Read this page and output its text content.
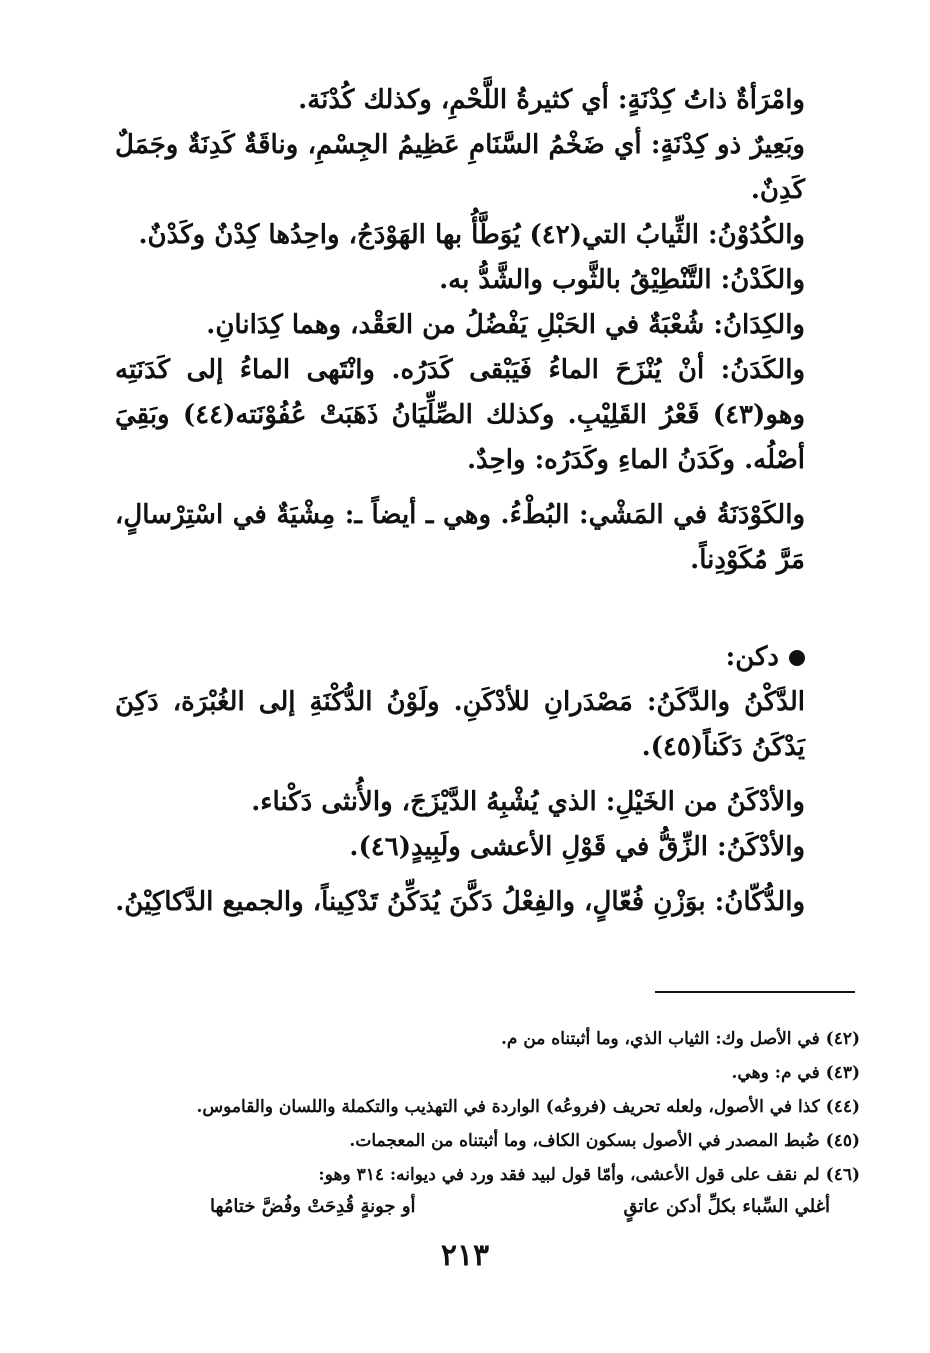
وامْرَأةٌ ذاتُ كِدْنَةٍ: أي كثيرةُ اللَّحْمِ، وكذلك كُدْنَة.

وبَعِيرٌ ذو كِدْنَةٍ: أي ضَخْمُ السَّنَامِ عَظِيمُ الجِسْمِ، وناقَةٌ كَدِنَةٌ وجَمَلٌ كَدِنٌ.

والكُدُوْنُ: الثِّيابُ التي(٤٢) يُوَطَّأُ بها الهَوْدَجُ، واحِدُها كِدْنٌ وكَدْنٌ.

والكَدْنُ: التَّنْطِيْقُ بالثَّوب والشَّدُّ به.

والكِدَانُ: شُعْبَةٌ في الحَبْلِ يَفْضُلُ من العَقْد، وهما كِدَانانِ.

والكَدَنُ: أنْ يُنْزَحَ الماءُ فَيَبْقى كَدَرُه. وانْتَهى الماءُ إلى كَدَنَتِه وهو(٤٣) قَعْرُ القَلِيْبِ. وكذلك الصِّلِّيَانُ ذَهَبَتْ عُفُوْنَته(٤٤) وبَقِيَ أصْلُه. وكَدَنُ الماءِ وكَدَرُه: واحِدٌ.

والكَوْدَنَةُ في المَشْي: البُطْءُ. وهي ـ أيضاً ـ: مِشْيَةٌ في اسْتِرْسالٍ، مَرَّ مُكَوْدِناً.

دكن:

الدَّكْنُ والدَّكَنُ: مَصْدَرانِ للأدْكَنِ. ولَوْنُ الدُّكْنَةِ إلى الغُبْرَة، دَكِنَ يَدْكَنُ دَكَناً(٤٥).

والأدْكَنُ من الخَيْلِ: الذي يُشْبِهُ الدَّيْزَجَ، والأُنثى دَكْناء.

والأدْكَنُ: الزِّقُّ في قَوْلِ الأعشى ولَبِيدٍ(٤٦).

والدُّكّانُ: بوَزْنِ فُعّالٍ، والفِعْلُ دَكَّنَ يُدَكِّنُ تَدْكِيناً، والجميع الدَّكاكِيْنُ.

(٤٢) في الأصل وك: الثياب الذي، وما أثبتناه من م.

(٤٣) في م: وهي.

(٤٤) كذا في الأصول، ولعله تحريف (فروعُه) الواردة في التهذيب والتكملة واللسان والقاموس.

(٤٥) ضُبط المصدر في الأصول بسكون الكاف، وما أثبتناه من المعجمات.

(٤٦) لم نقف على قول الأعشى، وأمّا قول لبيد فقد ورد في ديوانه: ٣١٤ وهو:

أغلي السِّباء بكلِّ أدكن عاتقٍ
أو جونةٍ قُدِحَتْ وفُضَّ ختامُها
٢١٣
